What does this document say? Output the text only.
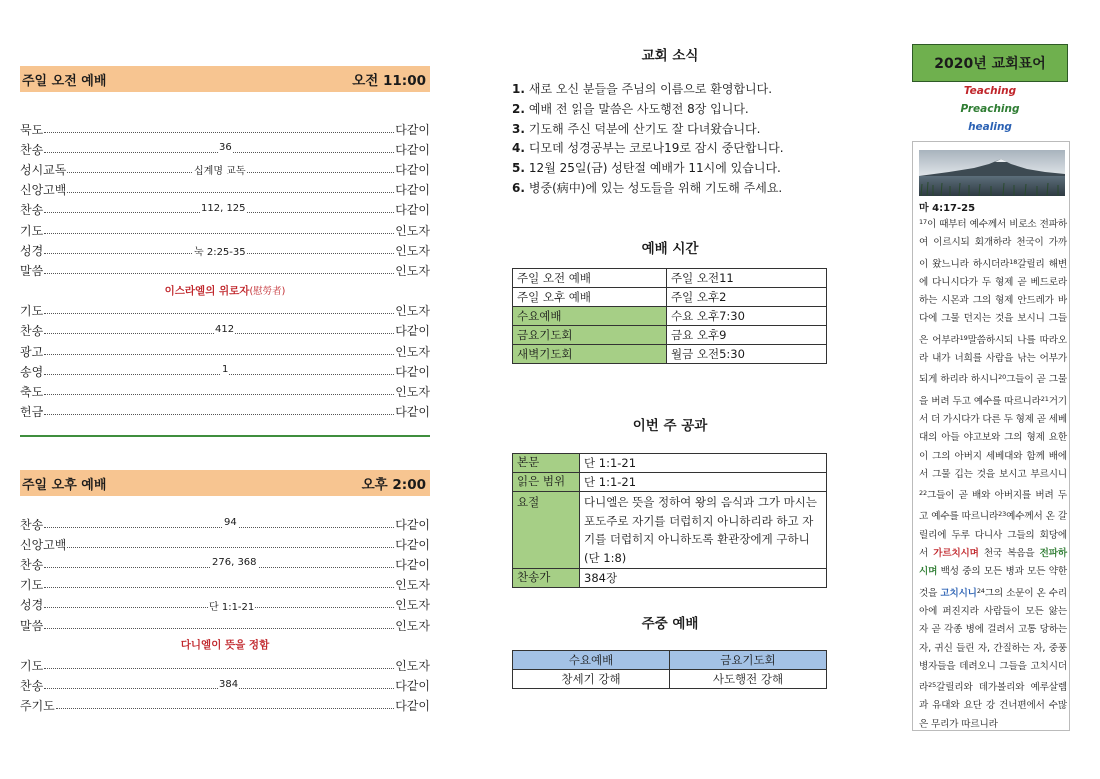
주일 오전 예배	오전 11:00
묵도	다같이
찬송	36	다같이
성시교독	십계명 교독	다같이
신앙고백	다같이
찬송	112, 125	다같이
기도	인도자
성경	눅 2:25-35	인도자
말씀	인도자
이스라엘의 위로자(慰勞者)
기도	인도자
찬송	412	다같이
광고	인도자
송영	1	다같이
축도	인도자
헌금	다같이
주일 오후 예배	오후 2:00
찬송	94	다같이
신앙고백	다같이
찬송	276, 368	다같이
기도	인도자
성경	단 1:1-21	인도자
말씀	인도자
다니엘이 뜻을 정함
기도	인도자
찬송	384	다같이
주기도	다같이
교회 소식
1. 새로 오신 분들을 주님의 이름으로 환영합니다.
2. 예배 전 읽을 말씀은 사도행전 8장 입니다.
3. 기도해 주신 덕분에 산기도 잘 다녀왔습니다.
4. 디모데 성경공부는 코로나19로 잠시 중단합니다.
5. 12월 25일(금) 성탄절 예배가 11시에 있습니다.
6. 병중(病中)에 있는 성도들을 위해 기도해 주세요.
예배 시간
주일 오전 예배	주일 오전11
주일 오후 예배	주일 오후2
수요예배	수요 오후7:30
금요기도회	금요 오후9
새벽기도회	월금 오전5:30
이번 주 공과
본문	단 1:1-21
읽은 범위	단 1:1-21
요절	다니엘은 뜻을 정하여 왕의 음식과 그가 마시는 포도주로 자기를 더럽히지 아니하리라 하고 자기를 더럽히지 아니하도록 환관장에게 구하니 (단 1:8)
찬송가	384장
주중 예배
수요예배	금요기도회
창세기 강해	사도행전 강해
2020년 교회표어
Teaching
Preaching
healing
마 4:17-25
$^{17}$이 때부터 예수께서 비로소 전파하여 이르시되 회개하라 천국이 가까이 왔느니라 하시더라$^{18}$갈릴리 해변에 다니시다가 두 형제 곧 베드로라 하는 시몬과 그의 형제 안드레가 바다에 그물 던지는 것을 보시니 그들은 어부라$^{19}$말씀하시되 나를 따라오라 내가 너희를 사람을 낚는 어부가 되게 하리라 하시니$^{20}$그들이 곧 그물을 버려 두고 예수를 따르니라$^{21}$거기서 더 가시다가 다른 두 형제 곧 세베대의 아들 야고보와 그의 형제 요한이 그의 아버지 세베대와 함께 배에서 그물 깁는 것을 보시고 부르시니$^{22}$그들이 곧 배와 아버지를 버려 두고 예수를 따르니라$^{23}$예수께서 온 갈릴리에 두루 다니사 그들의 회당에서 가르치시며 천국 복음을 전파하시며 백성 중의 모든 병과 모든 약한 것을 고치시니$^{24}$그의 소문이 온 수리아에 퍼진지라 사람들이 모든 앓는 자 곧 각종 병에 걸려서 고통 당하는 자, 귀신 들린 자, 간질하는 자, 중풍병자들을 데려오니 그들을 고치시더라$^{25}$갈릴리와 데가볼리와 예루살렘과 유대와 요단 강 건너편에서 수많은 무리가 따르니라
